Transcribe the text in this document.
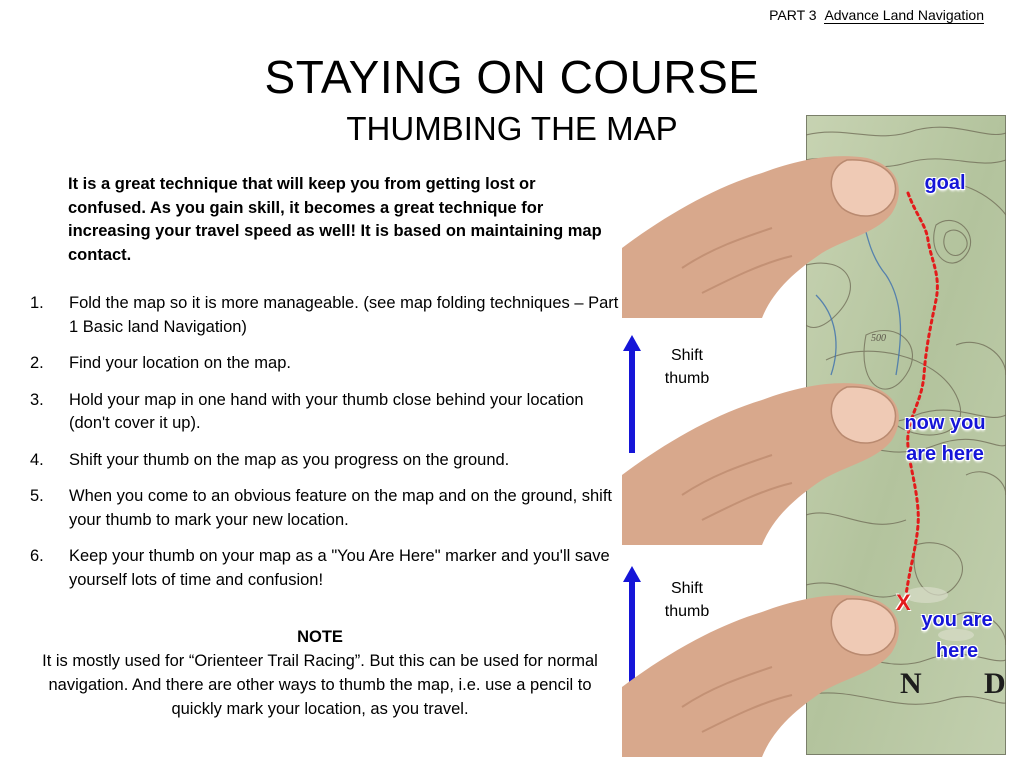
PART 3 Advance Land Navigation
STAYING ON COURSE
THUMBING THE MAP
It is a great technique that will keep you from getting lost or confused. As you gain skill, it becomes a great technique for increasing your travel speed as well! It is based on maintaining map contact.
1. Fold the map so it is more manageable. (see map folding techniques – Part 1 Basic land Navigation)
2. Find your location on the map.
3. Hold your map in one hand with your thumb close behind your location (don't cover it up).
4. Shift your thumb on the map as you progress on the ground.
5. When you come to an obvious feature on the map and on the ground, shift your thumb to mark your new location.
6. Keep your thumb on your map as a "You Are Here" marker and you'll save yourself lots of time and confusion!
NOTE
It is mostly used for “Orienteer Trail Racing”. But this can be used for normal navigation. And there are other ways to thumb the map, i.e. use a pencil to quickly mark your location, as you travel.
Shift thumb
Shift thumb
500
N D
goal
now you are here
X
you are here
